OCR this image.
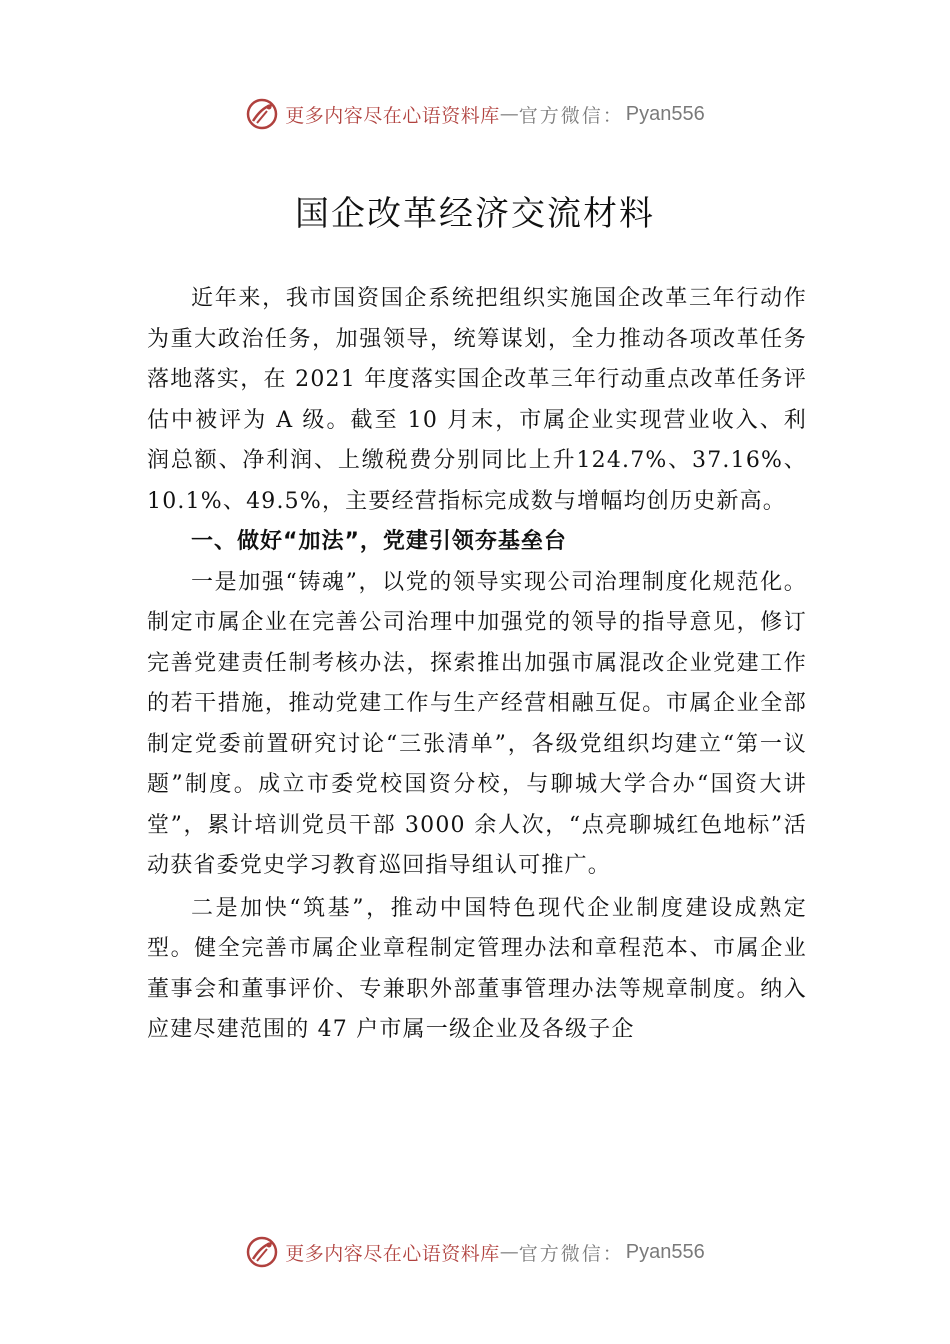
更多内容尽在心语资料库 — 官方微信： Pyan556
国企改革经济交流材料

近年来，我市国资国企系统把组织实施国企改革三年行动作为重大政治任务，加强领导，统筹谋划，全力推动各项改革任务落地落实，在 2021 年度落实国企改革三年行动重点改革任务评估中被评为 A 级。截至 10 月末，市属企业实现营业收入、利润总额、净利润、上缴税费分别同比上升124.7%、37.16%、10.1%、49.5%，主要经营指标完成数与增幅均创历史新高。

一、做好“加法”，党建引领夯基垒台

一是加强“铸魂”，以党的领导实现公司治理制度化规范化。制定市属企业在完善公司治理中加强党的领导的指导意见，修订完善党建责任制考核办法，探索推出加强市属混改企业党建工作的若干措施，推动党建工作与生产经营相融互促。市属企业全部制定党委前置研究讨论“三张清单”，各级党组织均建立“第一议题”制度。成立市委党校国资分校，与聊城大学合办“国资大讲堂”，累计培训党员干部 3000 余人次，“点亮聊城红色地标”活动获省委党史学习教育巡回指导组认可推广。

二是加快“筑基”，推动中国特色现代企业制度建设成熟定型。健全完善市属企业章程制定管理办法和章程范本、市属企业董事会和董事评价、专兼职外部董事管理办法等规章制度。纳入应建尽建范围的 47 户市属一级企业及各级子企

更多内容尽在心语资料库 — 官方微信： Pyan556
